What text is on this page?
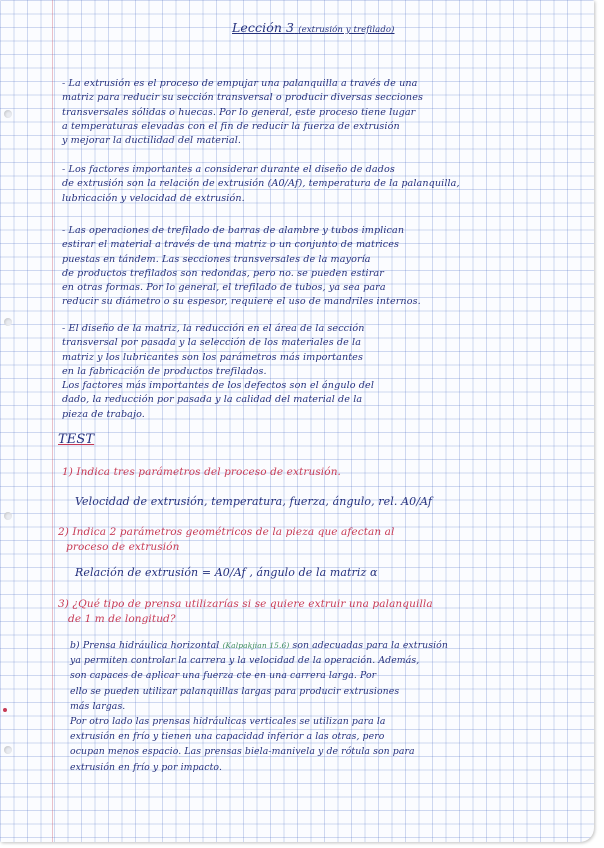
Lección 3 (extrusión y trefilado)
- La extrusión es el proceso de empujar una palanquilla a través de una
matriz para reducir su sección transversal o producir diversas secciones
transversales sólidas o huecas. Por lo general, este proceso tiene lugar
a temperaturas elevadas con el fin de reducir la fuerza de extrusión
y mejorar la ductilidad del material.
- Los factores importantes a considerar durante el diseño de dados
de extrusión son la relación de extrusión (A0/Af), temperatura de la palanquilla,
lubricación y velocidad de extrusión.
- Las operaciones de trefilado de barras de alambre y tubos implican
estirar el material a través de una matriz o un conjunto de matrices
puestas en tándem. Las secciones transversales de la mayoría
de productos trefilados son redondas, pero no. se pueden estirar
en otras formas. Por lo general, el trefilado de tubos, ya sea para
reducir su diámetro o su espesor, requiere el uso de mandriles internos.
- El diseño de la matriz, la reducción en el área de la sección
transversal por pasada y la selección de los materiales de la
matriz y los lubricantes son los parámetros más importantes
en la fabricación de productos trefilados.
Los factores más importantes de los defectos son el ángulo del
dado, la reducción por pasada y la calidad del material de la
pieza de trabajo.
TEST
1) Indica tres parámetros del proceso de extrusión.
Velocidad de extrusión, temperatura, fuerza, ángulo, rel. A0/Af
2) Indica 2 parámetros geométricos de la pieza que afectan al
proceso de extrusión
Relación de extrusión = A0/Af , ángulo de la matriz α
3) ¿Qué tipo de prensa utilizarías si se quiere extruir una palanquilla
de 1 m de longitud?
b) Prensa hidráulica horizontal (Kalpakjian 15.6) son adecuadas para la extrusión
ya permiten controlar la carrera y la velocidad de la operación. Además,
son capaces de aplicar una fuerza cte en una carrera larga. Por
ello se pueden utilizar palanquillas largas para producir extrusiones
más largas.
Por otro lado las prensas hidráulicas verticales se utilizan para la
extrusión en frío y tienen una capacidad inferior a las otras, pero
ocupan menos espacio. Las prensas biela-manivela y de rótula son para
extrusión en frío y por impacto.
